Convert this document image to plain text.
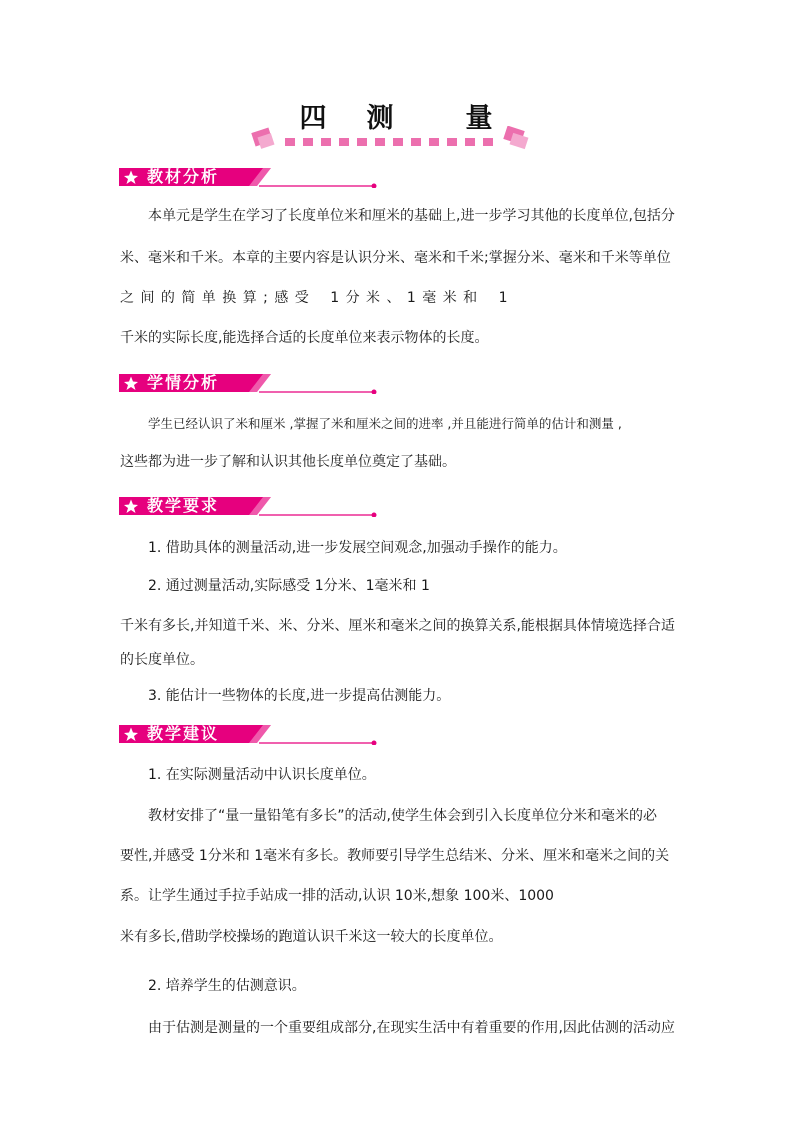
四 测	量
教材分析
本单元是学生在学习了长度单位米和厘米的基础上,进一步学习其他的长度单位,包括分
米、毫米和千米。本章的主要内容是认识分米、毫米和千米;掌握分米、毫米和千米等单位
之 间 的 简 单 换 算 ; 感 受 　1 分 米 、 1 毫 米 和 　1
千米的实际长度,能选择合适的长度单位来表示物体的长度。
学情分析
学生已经认识了米和厘米 ,掌握了米和厘米之间的进率 ,并且能进行简单的估计和测量 ,
这些都为进一步了解和认识其他长度单位奠定了基础。
教学要求
1. 借助具体的测量活动,进一步发展空间观念,加强动手操作的能力。
2. 通过测量活动,实际感受 1分米、1毫米和 1
千米有多长,并知道千米、米、分米、厘米和毫米之间的换算关系,能根据具体情境选择合适
的长度单位。
3. 能估计一些物体的长度,进一步提高估测能力。
教学建议
1. 在实际测量活动中认识长度单位。
教材安排了“量一量铅笔有多长”的活动,使学生体会到引入长度单位分米和毫米的必
要性,并感受 1分米和 1毫米有多长。教师要引导学生总结米、分米、厘米和毫米之间的关
系。让学生通过手拉手站成一排的活动,认识 10米,想象 100米、1000
米有多长,借助学校操场的跑道认识千米这一较大的长度单位。
2. 培养学生的估测意识。
由于估测是测量的一个重要组成部分,在现实生活中有着重要的作用,因此估测的活动应
